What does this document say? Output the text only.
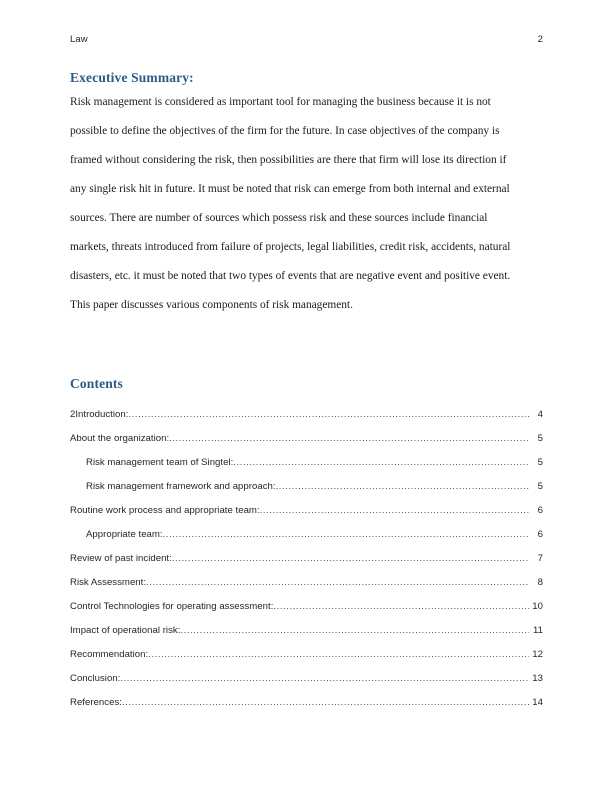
Law	2
Executive Summary:
Risk management is considered as important tool for managing the business because it is not
possible to define the objectives of the firm for the future. In case objectives of the company is
framed without considering the risk, then possibilities are there that firm will lose its direction if
any single risk hit in future. It must be noted that risk can emerge from both internal and external
sources. There are number of sources which possess risk and these sources include financial
markets, threats introduced from failure of projects, legal liabilities, credit risk, accidents, natural
disasters, etc. it must be noted that two types of events that are negative event and positive event.
This paper discusses various components of risk management.
Contents
2Introduction: .....	4
About the organization: .....	5
Risk management team of Singtel: .....	5
Risk management framework and approach: .....	5
Routine work process and appropriate team: .....	6
Appropriate team: .....	6
Review of past incident: .....	7
Risk Assessment: .....	8
Control Technologies for operating assessment: .....	10
Impact of operational risk: .....	11
Recommendation: .....	12
Conclusion: .....	13
References: .....	14
